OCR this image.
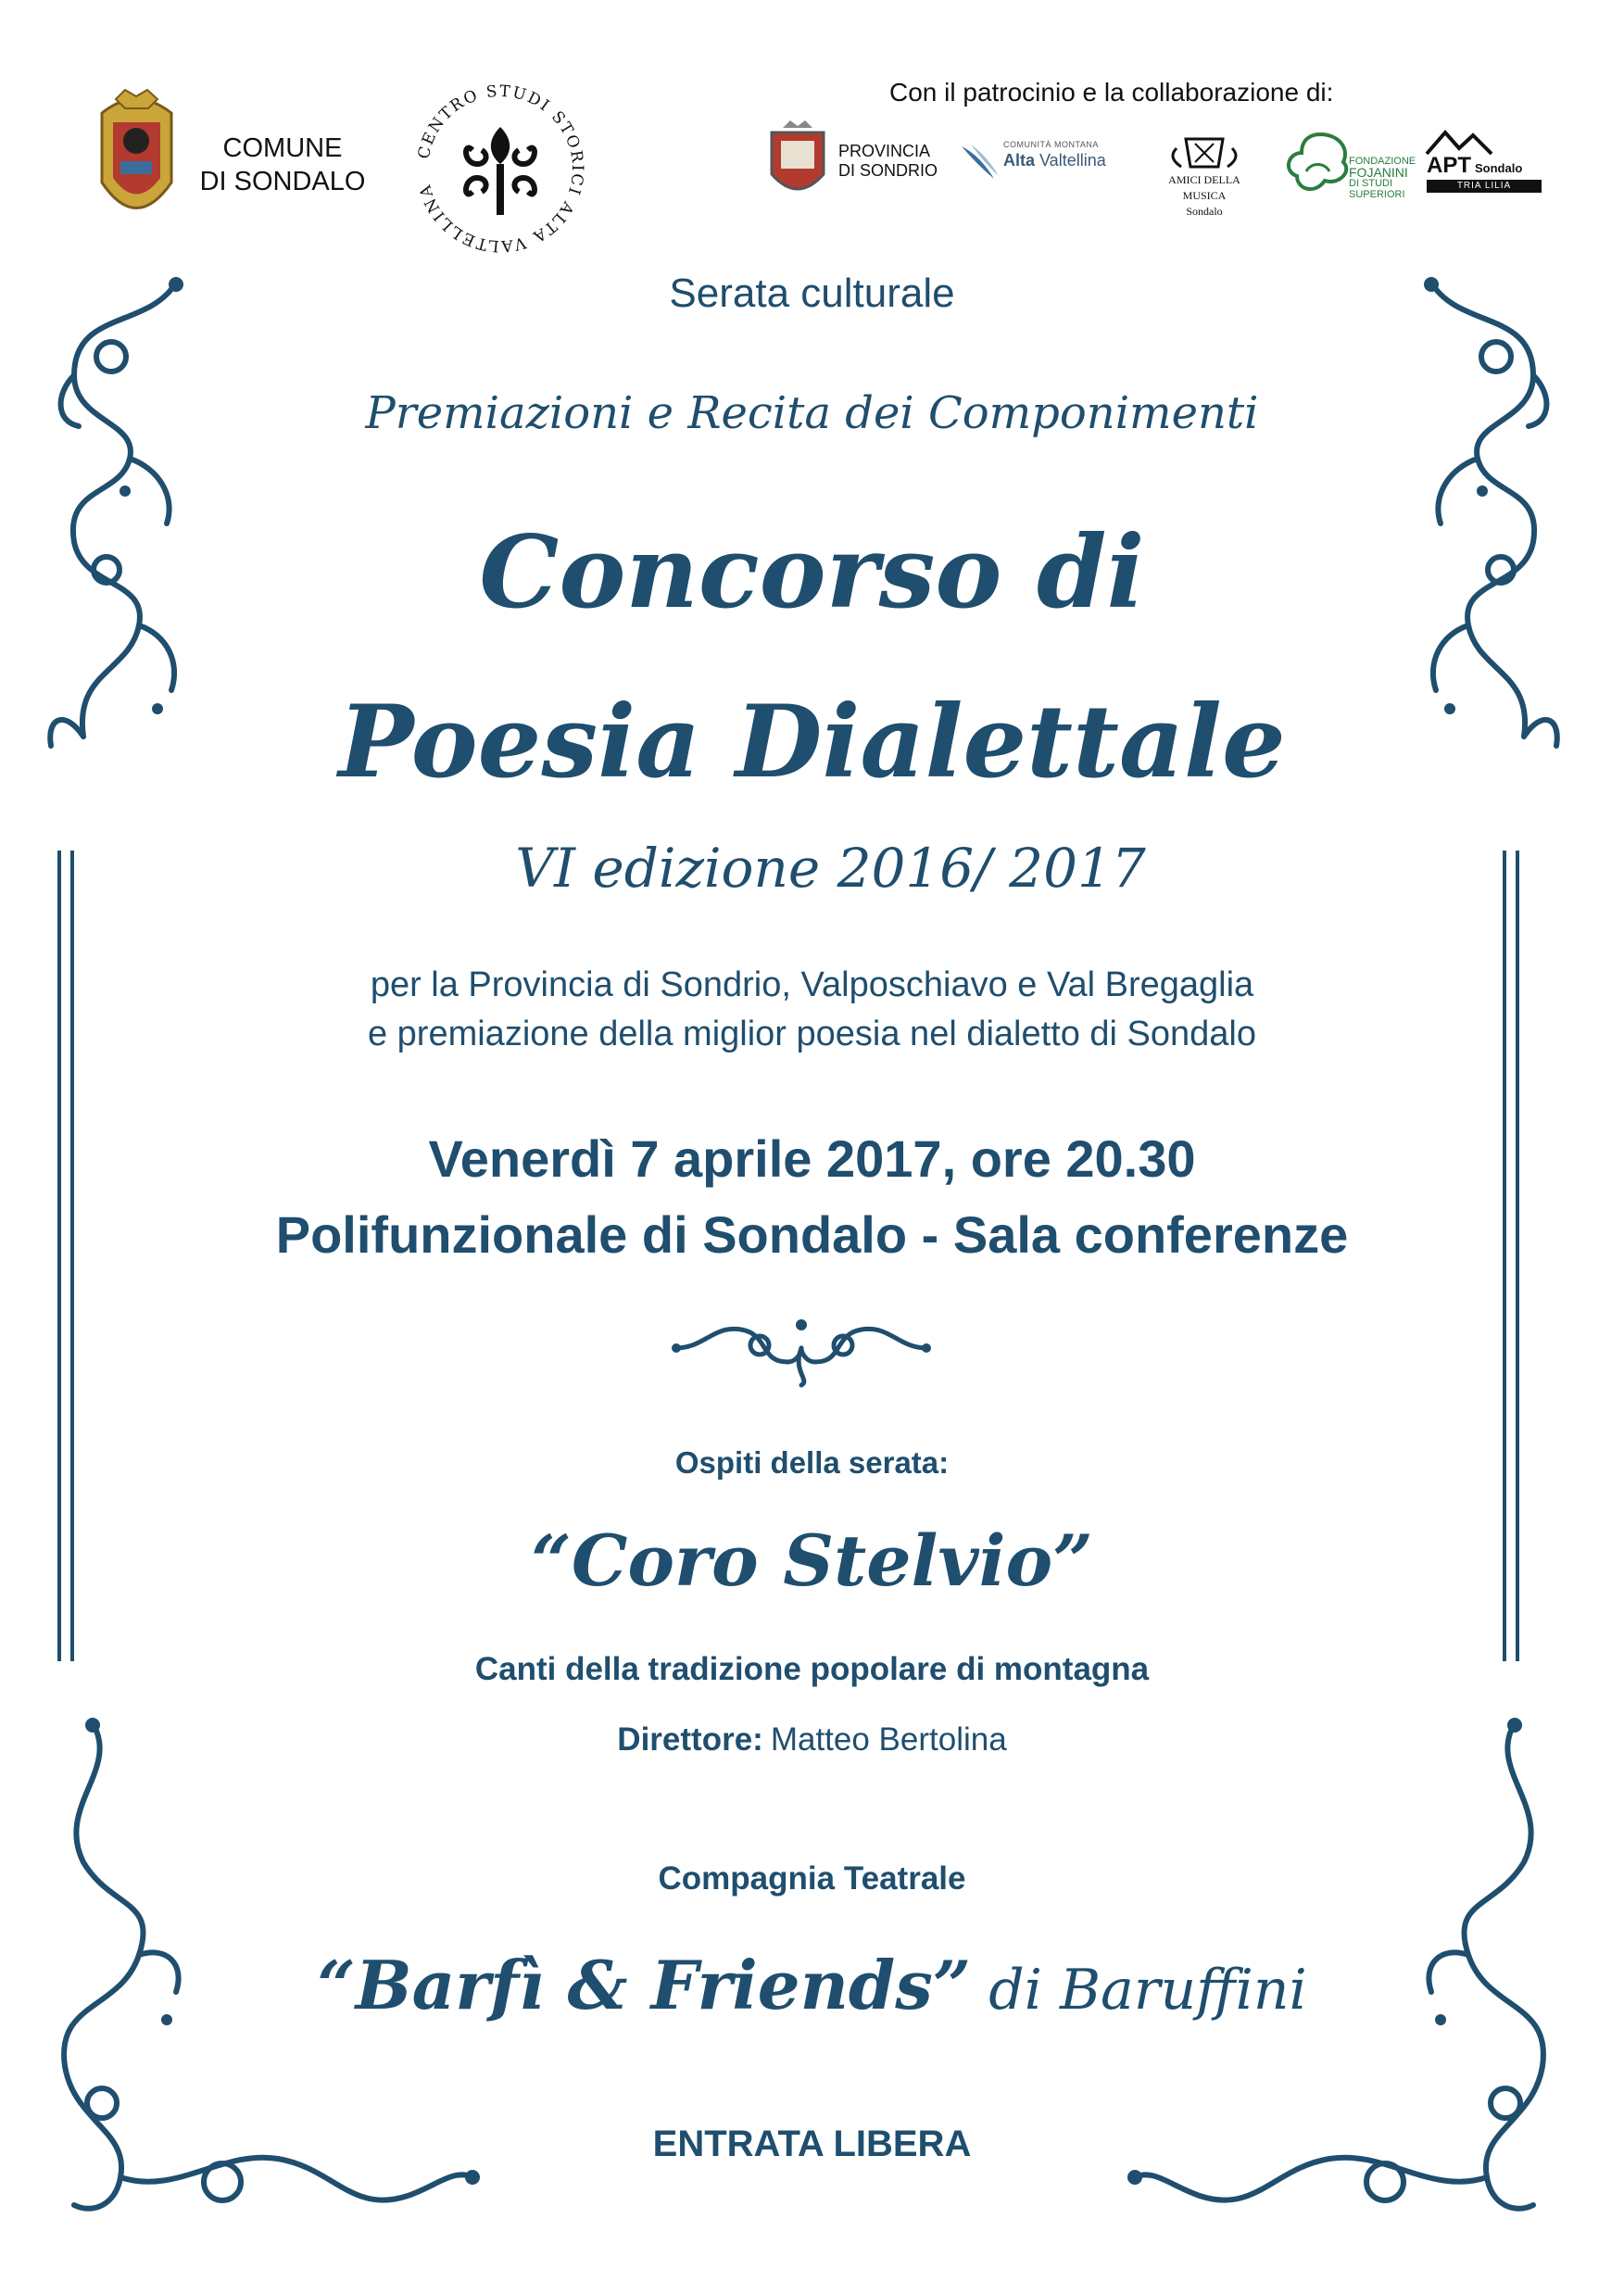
COMUNE
DI SONDALO
CENTRO STUDI STORICI ALTA VALTELLINA
Con il patrocinio e la collaborazione di:
PROVINCIA
DI SONDRIO
COMUNITÀ MONTANA
Alta Valtellina
AMICI DELLA MUSICA
Sondalo
FONDAZIONE
FOJANINI
DI STUDI
SUPERIORI
APT Sondalo
TRIA LILIA
Serata culturale
Premiazioni e Recita dei Componimenti
Concorso di
Poesia Dialettale
VI edizione 2016/ 2017
per la Provincia di Sondrio, Valposchiavo e Val Bregaglia
e premiazione della miglior poesia nel dialetto di Sondalo
Venerdì 7 aprile 2017, ore 20.30
Polifunzionale di Sondalo - Sala conferenze
Ospiti della serata:
“Coro Stelvio”
Canti della tradizione popolare di montagna
Direttore: Matteo Bertolina
Compagnia Teatrale
“Barfì & Friends” di Baruffini
ENTRATA LIBERA
